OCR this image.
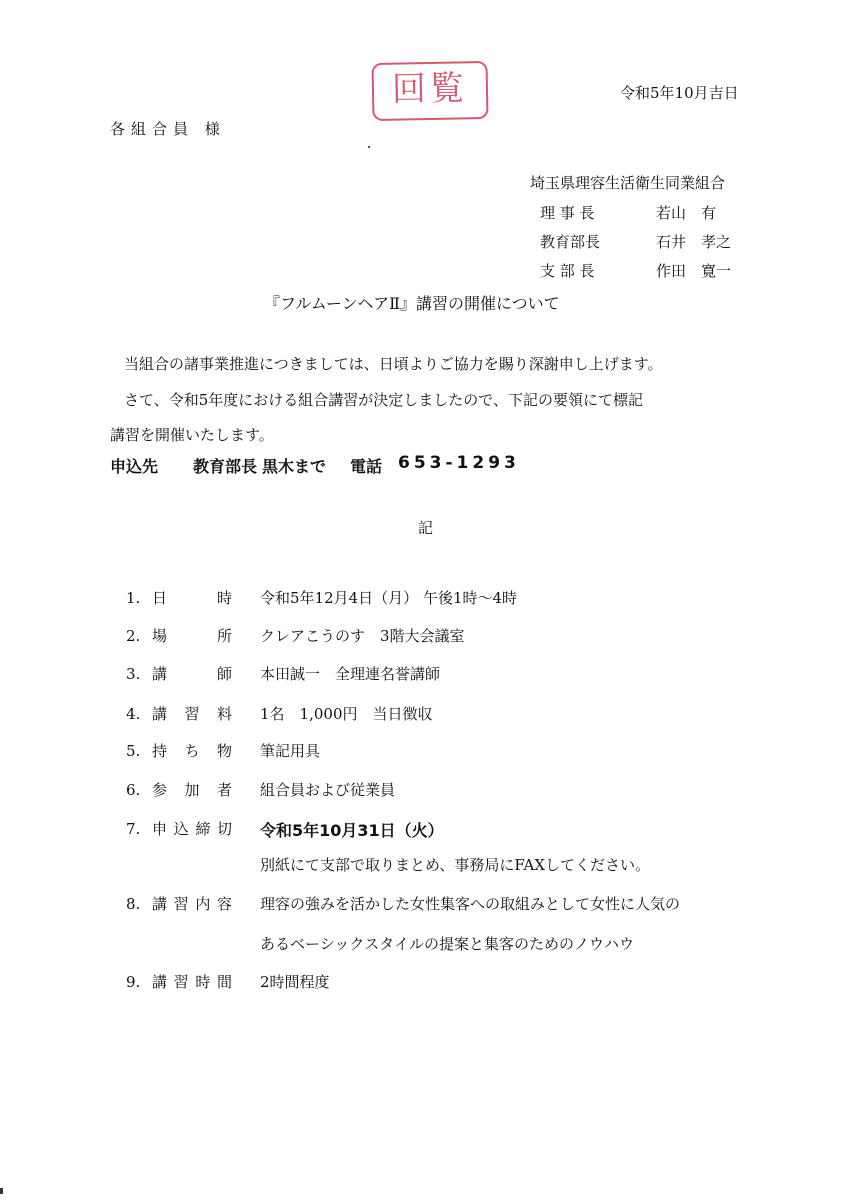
回覧	令和5年10月吉日
各組合員 様
埼玉県理容生活衛生同業組合
理 事 長	若山　有
教育部長	石井　孝之
支 部 長	作田　寛一
『フルムーンヘアⅡ』講習の開催について
当組合の諸事業推進につきましては、日頃よりご協力を賜り深謝申し上げます。
さて、令和5年度における組合講習が決定しましたので、下記の要領にて標記
講習を開催いたします。
申込先 教育部長 黒木まで 電話 653-1293
記
1. 日　　時 令和5年12月4日（月） 午後1時～4時
2. 場　　所 クレアこうのす　3階大会議室
3. 講　　師 本田誠一　全理連名誉講師
4. 講 習 料 1名　1,000円　当日徴収
5. 持 ち 物 筆記用具
6. 参 加 者 組合員および従業員
7. 申込締切 令和5年10月31日（火）
別紙にて支部で取りまとめ、事務局にFAXしてください。
8. 講習内容 理容の強みを活かした女性集客への取組みとして女性に人気の
あるベーシックスタイルの提案と集客のためのノウハウ
9. 講習時間 2時間程度
